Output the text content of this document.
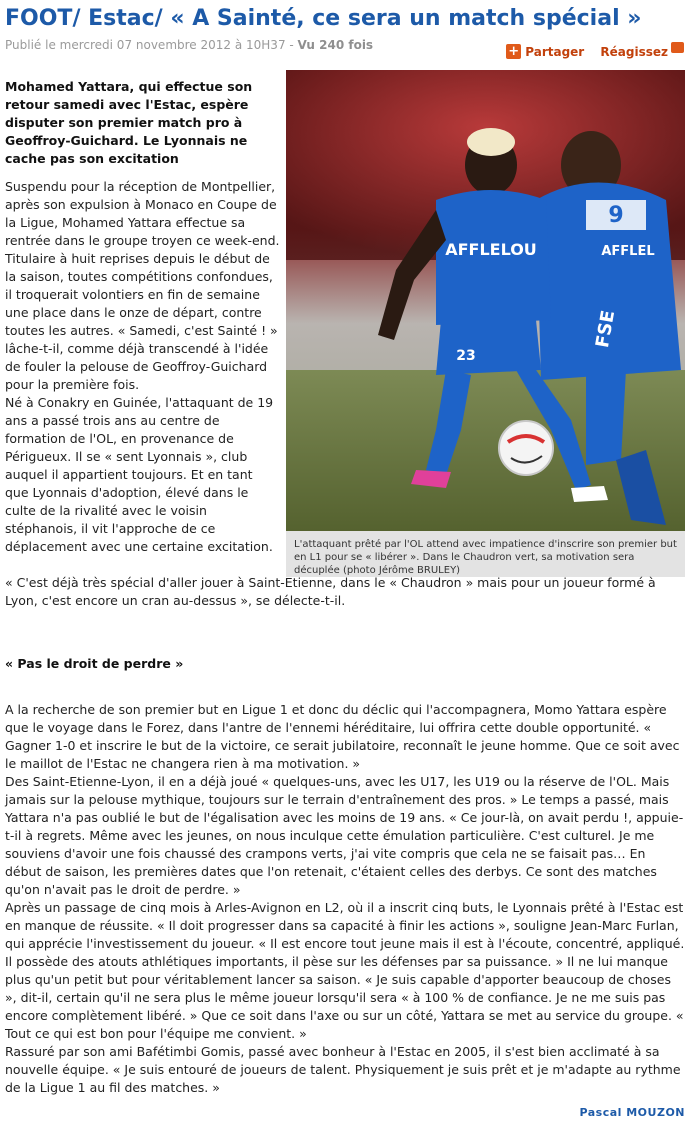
FOOT/ Estac/ « A Sainté, ce sera un match spécial »
Publié le mercredi 07 novembre 2012 à 10H37 - Vu 240 fois	+ Partager Réagissez
9
AFFLEL
FSE
AFFLELOU
23
L'attaquant prêté par l'OL attend avec impatience d'inscrire son premier but en L1 pour se « libérer ». Dans le Chaudron vert, sa motivation sera décuplée (photo Jérôme BRULEY)

Mohamed Yattara, qui effectue son retour samedi avec l'Estac, espère disputer son premier match pro à Geoffroy-Guichard. Le Lyonnais ne cache pas son excitation

Suspendu pour la réception de Montpellier, après son expulsion à Monaco en Coupe de la Ligue, Mohamed Yattara effectue sa rentrée dans le groupe troyen ce week-end. Titulaire à huit reprises depuis le début de la saison, toutes compétitions confondues, il troquerait volontiers en fin de semaine une place dans le onze de départ, contre toutes les autres. « Samedi, c'est Sainté ! » lâche-t-il, comme déjà transcendé à l'idée de fouler la pelouse de Geoffroy-Guichard pour la première fois.

Né à Conakry en Guinée, l'attaquant de 19 ans a passé trois ans au centre de formation de l'OL, en provenance de Périgueux. Il se « sent Lyonnais », club auquel il appartient toujours. Et en tant que Lyonnais d'adoption, élevé dans le culte de la rivalité avec le voisin stéphanois, il vit l'approche de ce déplacement avec une certaine excitation.

« C'est déjà très spécial d'aller jouer à Saint-Etienne, dans le « Chaudron » mais pour un joueur formé à Lyon, c'est encore un cran au-dessus », se délecte-t-il.

« Pas le droit de perdre »

A la recherche de son premier but en Ligue 1 et donc du déclic qui l'accompagnera, Momo Yattara espère que le voyage dans le Forez, dans l'antre de l'ennemi héréditaire, lui offrira cette double opportunité. « Gagner 1-0 et inscrire le but de la victoire, ce serait jubilatoire, reconnaît le jeune homme. Que ce soit avec le maillot de l'Estac ne changera rien à ma motivation. »

Des Saint-Etienne-Lyon, il en a déjà joué « quelques-uns, avec les U17, les U19 ou la réserve de l'OL. Mais jamais sur la pelouse mythique, toujours sur le terrain d'entraînement des pros. » Le temps a passé, mais Yattara n'a pas oublié le but de l'égalisation avec les moins de 19 ans. « Ce jour-là, on avait perdu !, appuie-t-il à regrets. Même avec les jeunes, on nous inculque cette émulation particulière. C'est culturel. Je me souviens d'avoir une fois chaussé des crampons verts, j'ai vite compris que cela ne se faisait pas… En début de saison, les premières dates que l'on retenait, c'étaient celles des derbys. Ce sont des matches qu'on n'avait pas le droit de perdre. »

Après un passage de cinq mois à Arles-Avignon en L2, où il a inscrit cinq buts, le Lyonnais prêté à l'Estac est en manque de réussite. « Il doit progresser dans sa capacité à finir les actions », souligne Jean-Marc Furlan, qui apprécie l'investissement du joueur. « Il est encore tout jeune mais il est à l'écoute, concentré, appliqué. Il possède des atouts athlétiques importants, il pèse sur les défenses par sa puissance. » Il ne lui manque plus qu'un petit but pour véritablement lancer sa saison. « Je suis capable d'apporter beaucoup de choses », dit-il, certain qu'il ne sera plus le même joueur lorsqu'il sera « à 100 % de confiance. Je ne me suis pas encore complètement libéré. » Que ce soit dans l'axe ou sur un côté, Yattara se met au service du groupe. « Tout ce qui est bon pour l'équipe me convient. »

Rassuré par son ami Bafétimbi Gomis, passé avec bonheur à l'Estac en 2005, il s'est bien acclimaté à sa nouvelle équipe. « Je suis entouré de joueurs de talent. Physiquement je suis prêt et je m'adapte au rythme de la Ligue 1 au fil des matches. »

Pascal MOUZON
